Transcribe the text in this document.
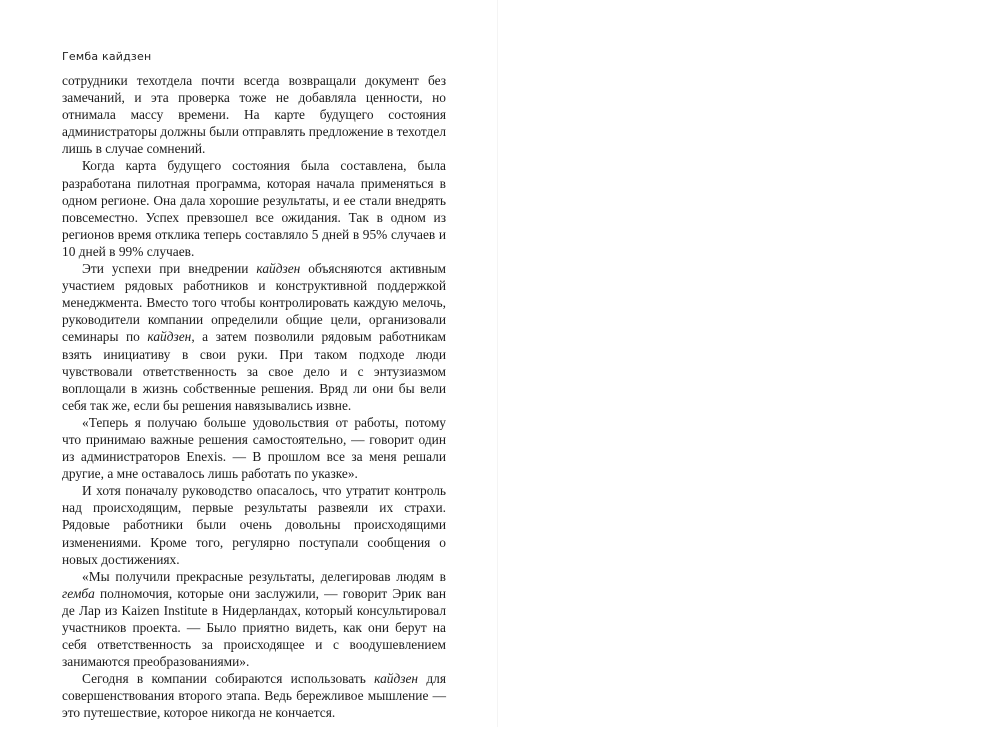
Гемба кайдзен

сотрудники техотдела почти всегда возвращали документ без замечаний, и эта проверка тоже не добавляла ценности, но отнимала массу времени. На карте будущего состояния администраторы должны были отправлять предложение в техотдел лишь в случае сомнений.

Когда карта будущего состояния была составлена, была разработана пилотная программа, которая начала применяться в одном регионе. Она дала хорошие результаты, и ее стали внедрять повсеместно. Успех превзошел все ожидания. Так в одном из регионов время отклика теперь составляло 5 дней в 95% случаев и 10 дней в 99% случаев.

Эти успехи при внедрении кайдзен объясняются активным участием рядовых работников и конструктивной поддержкой менеджмента. Вместо того чтобы контролировать каждую мелочь, руководители компании определили общие цели, организовали семинары по кайдзен, а затем позволили рядовым работникам взять инициативу в свои руки. При таком подходе люди чувствовали ответственность за свое дело и с энтузиазмом воплощали в жизнь собственные решения. Вряд ли они бы вели себя так же, если бы решения навязывались извне.

«Теперь я получаю больше удовольствия от работы, потому что принимаю важные решения самостоятельно, — говорит один из администраторов Enexis. — В прошлом все за меня решали другие, а мне оставалось лишь работать по указке».

И хотя поначалу руководство опасалось, что утратит контроль над происходящим, первые результаты развеяли их страхи. Рядовые работники были очень довольны происходящими изменениями. Кроме того, регулярно поступали сообщения о новых достижениях.

«Мы получили прекрасные результаты, делегировав людям в гемба полномочия, которые они заслужили, — говорит Эрик ван де Лар из Kaizen Institute в Нидерландах, который консультировал участников проекта. — Было приятно видеть, как они берут на себя ответственность за происходящее и с воодушевлением занимаются преобразованиями».

Сегодня в компании собираются использовать кайдзен для совершенствования второго этапа. Ведь бережливое мышление — это путешествие, которое никогда не кончается.
